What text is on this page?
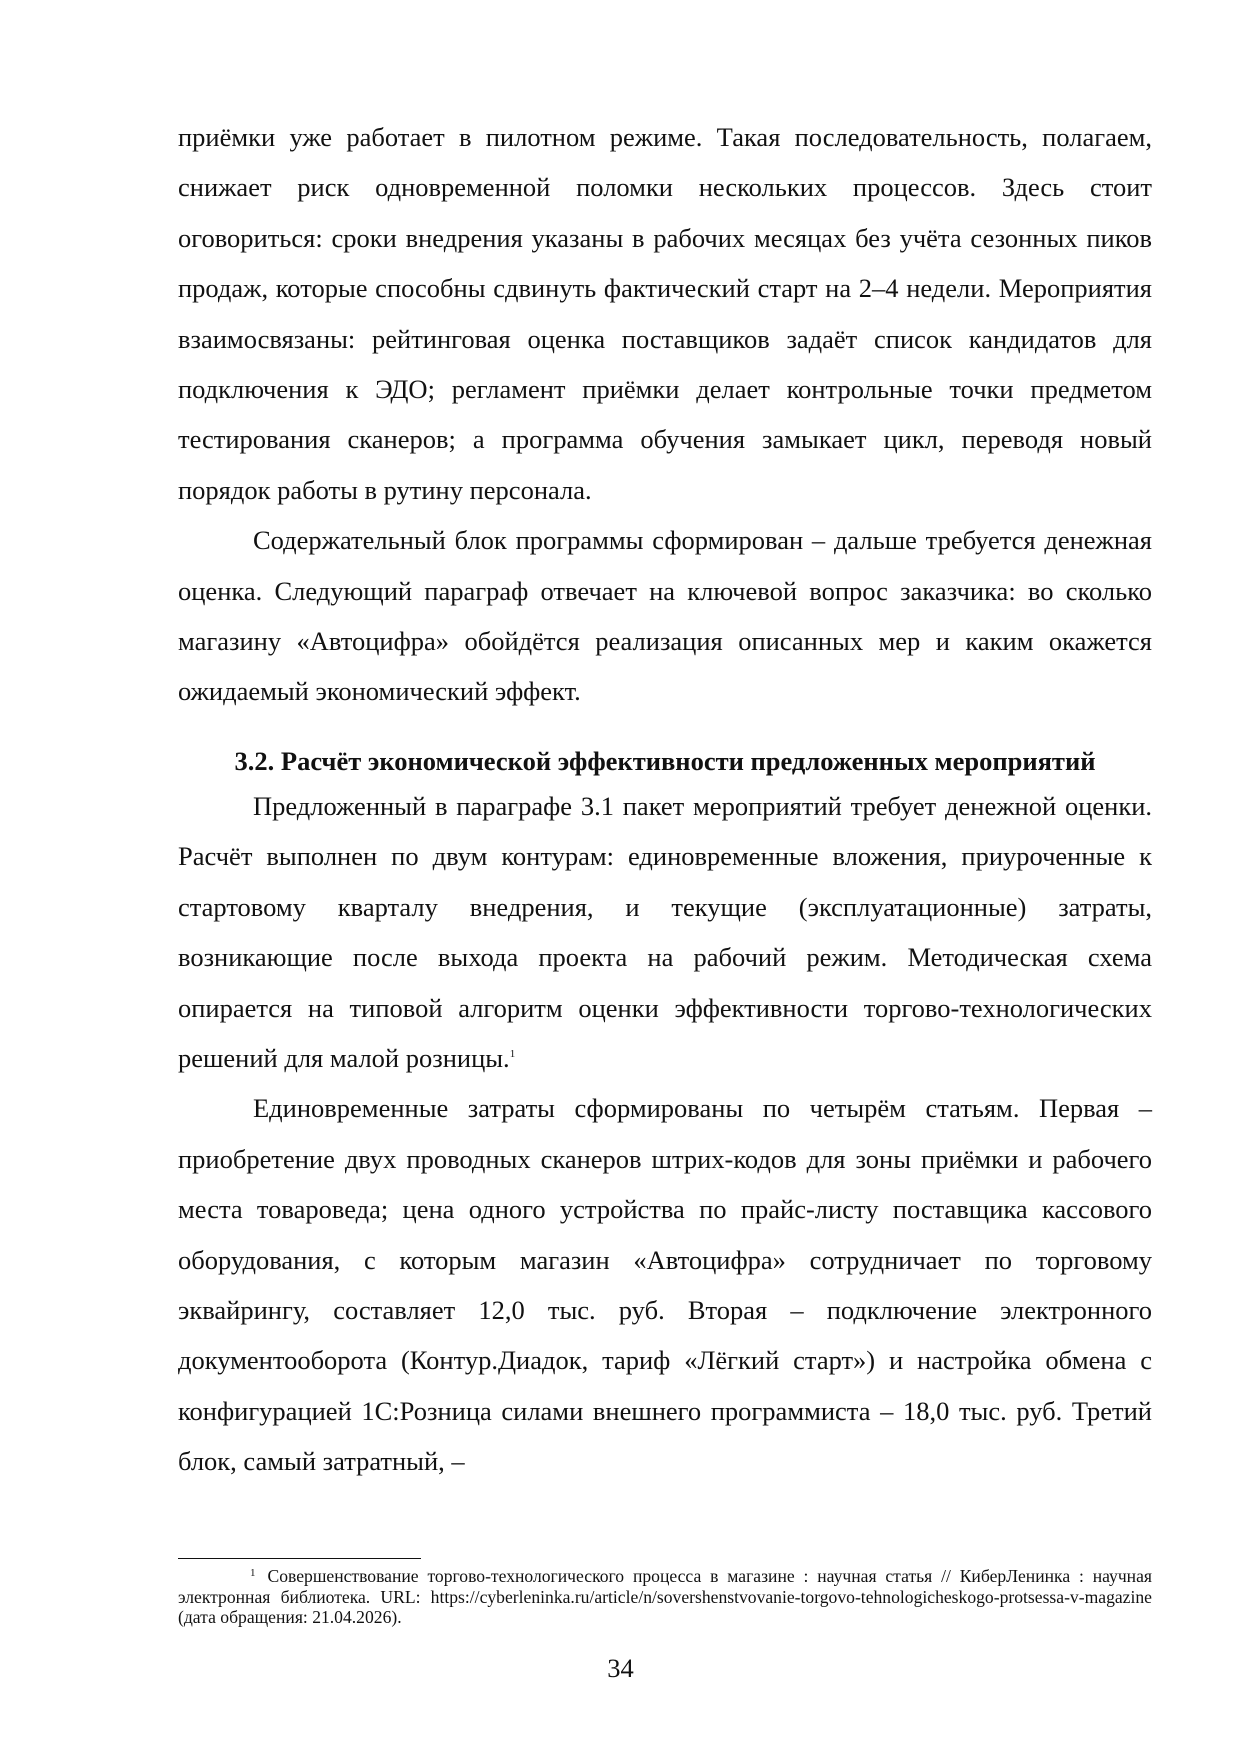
приёмки уже работает в пилотном режиме. Такая последовательность, полагаем, снижает риск одновременной поломки нескольких процессов. Здесь стоит оговориться: сроки внедрения указаны в рабочих месяцах без учёта сезонных пиков продаж, которые способны сдвинуть фактический старт на 2–4 недели. Мероприятия взаимосвязаны: рейтинговая оценка поставщиков задаёт список кандидатов для подключения к ЭДО; регламент приёмки делает контрольные точки предметом тестирования сканеров; а программа обучения замыкает цикл, переводя новый порядок работы в рутину персонала.

Содержательный блок программы сформирован – дальше требуется денежная оценка. Следующий параграф отвечает на ключевой вопрос заказчика: во сколько магазину «Автоцифра» обойдётся реализация описанных мер и каким окажется ожидаемый экономический эффект.

3.2. Расчёт экономической эффективности предложенных мероприятий

Предложенный в параграфе 3.1 пакет мероприятий требует денежной оценки. Расчёт выполнен по двум контурам: единовременные вложения, приуроченные к стартовому кварталу внедрения, и текущие (эксплуатационные) затраты, возникающие после выхода проекта на рабочий режим. Методическая схема опирается на типовой алгоритм оценки эффективности торгово-технологических решений для малой розницы.$^1$

Единовременные затраты сформированы по четырём статьям. Первая – приобретение двух проводных сканеров штрих-кодов для зоны приёмки и рабочего места товароведа; цена одного устройства по прайс-листу поставщика кассового оборудования, с которым магазин «Автоцифра» сотрудничает по торговому эквайрингу, составляет 12,0 тыс. руб. Вторая – подключение электронного документооборота (Контур.Диадок, тариф «Лёгкий старт») и настройка обмена с конфигурацией 1С:Розница силами внешнего программиста – 18,0 тыс. руб. Третий блок, самый затратный, –

1 Совершенствование торгово-технологического процесса в магазине : научная статья // КиберЛенинка : научная электронная библиотека. URL: https://cyberleninka.ru/article/n/sovershenstvovanie-torgovo-tehnologicheskogo-protsessa-v-magazine (дата обращения: 21.04.2026).

34
